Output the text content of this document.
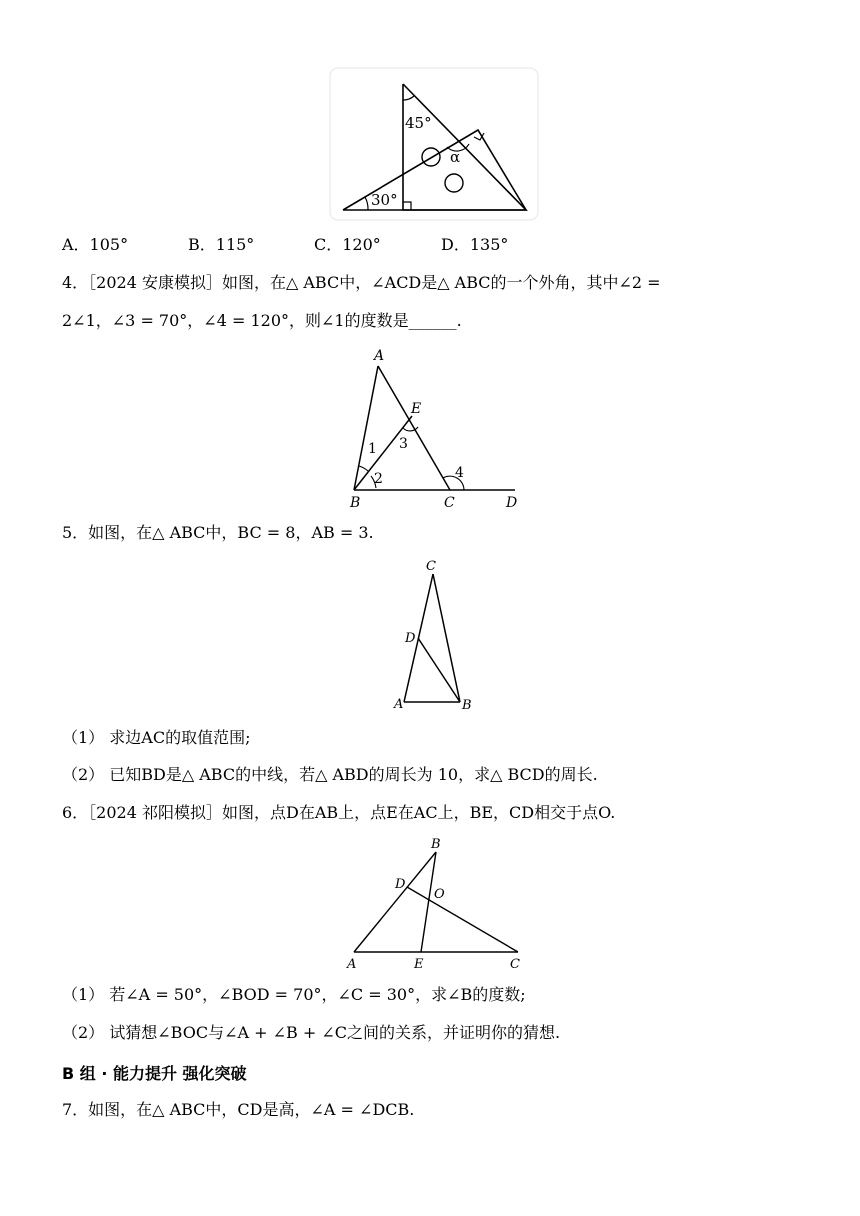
45°
30°
α
A．105°	B．115°	C．120°	D．135°
4．［2024 安康模拟］如图，在△ ABC中，∠ACD是△ ABC的一个外角，其中∠2 =
2∠1，∠3 = 70°，∠4 = 120°，则∠1的度数是______.
A
E
B	C	D
1
2
3
4
5．如图，在△ ABC中，BC = 8，AB = 3.
C
D
A	B
（1） 求边AC的取值范围;
（2） 已知BD是△ ABC的中线，若△ ABD的周长为 10，求△ BCD的周长.
6．［2024 祁阳模拟］如图，点D在AB上，点E在AC上，BE，CD相交于点O.
B
D
O
A	E	C
（1） 若∠A = 50°，∠BOD = 70°，∠C = 30°，求∠B的度数;
（2） 试猜想∠BOC与∠A + ∠B + ∠C之间的关系，并证明你的猜想.
B 组 · 能力提升 强化突破
7．如图，在△ ABC中，CD是高，∠A = ∠DCB.
